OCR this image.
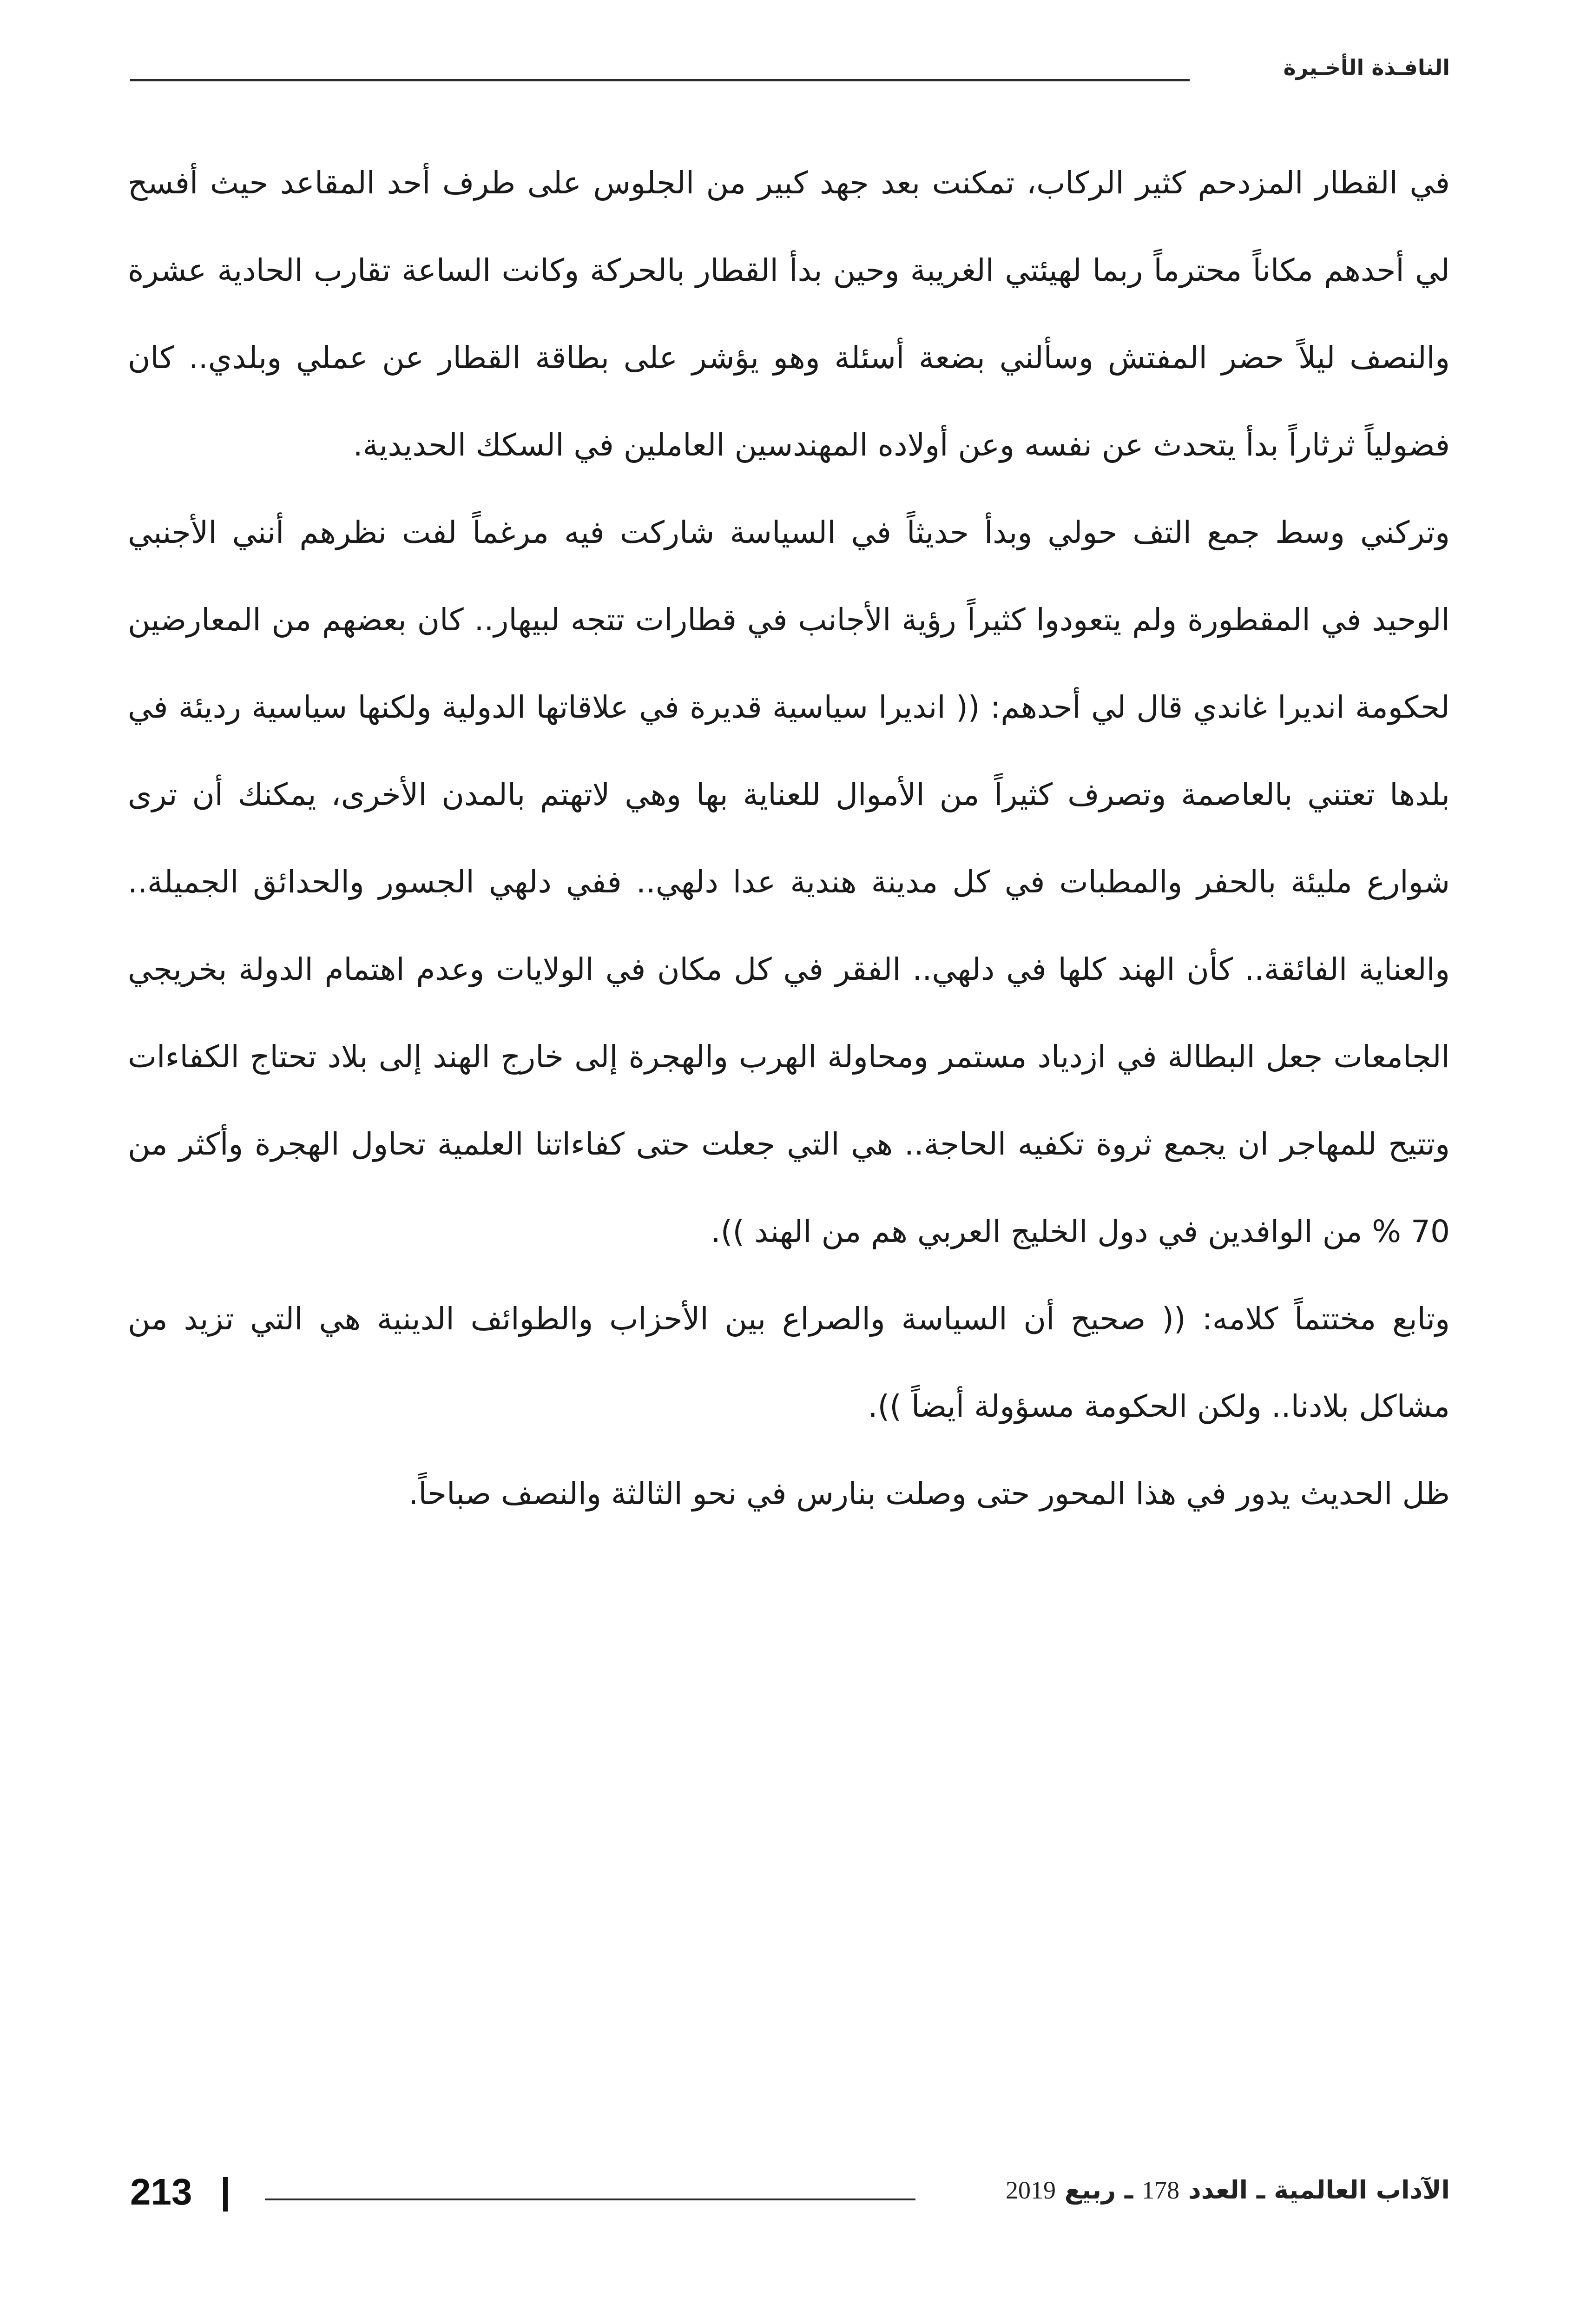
النافـذة الأخـيرة

في القطار المزدحم كثير الركاب، تمكنت بعد جهد كبير من الجلوس على طرف أحد المقاعد حيث أفسح لي أحدهم مكاناً محترماً ربما لهيئتي الغريبة وحين بدأ القطار بالحركة وكانت الساعة تقارب الحادية عشرة والنصف ليلاً حضر المفتش وسألني بضعة أسئلة وهو يؤشر على بطاقة القطار عن عملي وبلدي.. كان فضولياً ثرثاراً بدأ يتحدث عن نفسه وعن أولاده المهندسين العاملين في السكك الحديدية.

وتركني وسط جمع التف حولي وبدأ حديثاً في السياسة شاركت فيه مرغماً لفت نظرهم أنني الأجنبي الوحيد في المقطورة ولم يتعودوا كثيراً رؤية الأجانب في قطارات تتجه لبيهار.. كان بعضهم من المعارضين لحكومة انديرا غاندي قال لي أحدهم: (( انديرا سياسية قديرة في علاقاتها الدولية ولكنها سياسية رديئة في بلدها تعتني بالعاصمة وتصرف كثيراً من الأموال للعناية بها وهي لاتهتم بالمدن الأخرى، يمكنك أن ترى شوارع مليئة بالحفر والمطبات في كل مدينة هندية عدا دلهي.. ففي دلهي الجسور والحدائق الجميلة.. والعناية الفائقة.. كأن الهند كلها في دلهي.. الفقر في كل مكان في الولايات وعدم اهتمام الدولة بخريجي الجامعات جعل البطالة في ازدياد مستمر ومحاولة الهرب والهجرة إلى خارج الهند إلى بلاد تحتاج الكفاءات وتتيح للمهاجر ان يجمع ثروة تكفيه الحاجة.. هي التي جعلت حتى كفاءاتنا العلمية تحاول الهجرة وأكثر من 70 % من الوافدين في دول الخليج العربي هم من الهند )).

وتابع مختتماً كلامه: (( صحيح أن السياسة والصراع بين الأحزاب والطوائف الدينية هي التي تزيد من مشاكل بلادنا.. ولكن الحكومة مسؤولة أيضاً )).

ظل الحديث يدور في هذا المحور حتى وصلت بنارس في نحو الثالثة والنصف صباحاً.

213	الآداب العالمية ـ العدد 178 ـ ربيع 2019
